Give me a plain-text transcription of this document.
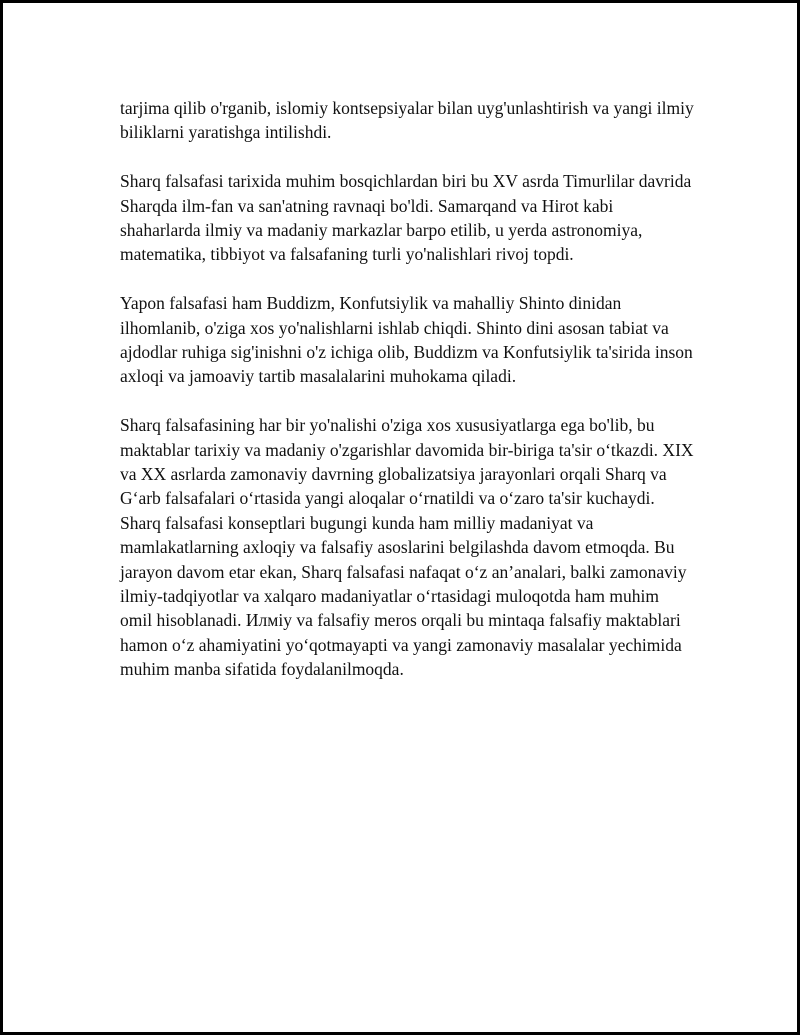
tarjima qilib o'rganib, islomiy kontsepsiyalar bilan uyg'unlashtirish va yangi ilmiy biliklarni yaratishga intilishdi.

Sharq falsafasi tarixida muhim bosqichlardan biri bu XV asrda Timurlilar davrida Sharqda ilm-fan va san'atning ravnaqi bo'ldi. Samarqand va Hirot kabi shaharlarda ilmiy va madaniy markazlar barpo etilib, u yerda astronomiya, matematika, tibbiyot va falsafaning turli yo'nalishlari rivoj topdi.

Yapon falsafasi ham Buddizm, Konfutsiylik va mahalliy Shinto dinidan ilhomlanib, o'ziga xos yo'nalishlarni ishlab chiqdi. Shinto dini asosan tabiat va ajdodlar ruhiga sig'inishni o'z ichiga olib, Buddizm va Konfutsiylik ta'sirida inson axloqi va jamoaviy tartib masalalarini muhokama qiladi.

Sharq falsafasining har bir yo'nalishi o'ziga xos xususiyatlarga ega bo'lib, bu maktablar tarixiy va madaniy o'zgarishlar davomida bir-biriga ta'sir o‘tkazdi. XIX va XX asrlarda zamonaviy davrning globalizatsiya jarayonlari orqali Sharq va G‘arb falsafalari o‘rtasida yangi aloqalar o‘rnatildi va o‘zaro ta'sir kuchaydi. Sharq falsafasi konseptlari bugungi kunda ham milliy madaniyat va mamlakatlarning axloqiy va falsafiy asoslarini belgilashda davom etmoqda. Bu jarayon davom etar ekan, Sharq falsafasi nafaqat o‘z an’analari, balki zamonaviy ilmiy-tadqiyotlar va xalqaro madaniyatlar o‘rtasidagi muloqotda ham muhim omil hisoblanadi. Илмiy va falsafiy meros orqali bu mintaqa falsafiy maktablari hamon o‘z ahamiyatini yo‘qotmayapti va yangi zamonaviy masalalar yechimida muhim manba sifatida foydalanilmoqda.
